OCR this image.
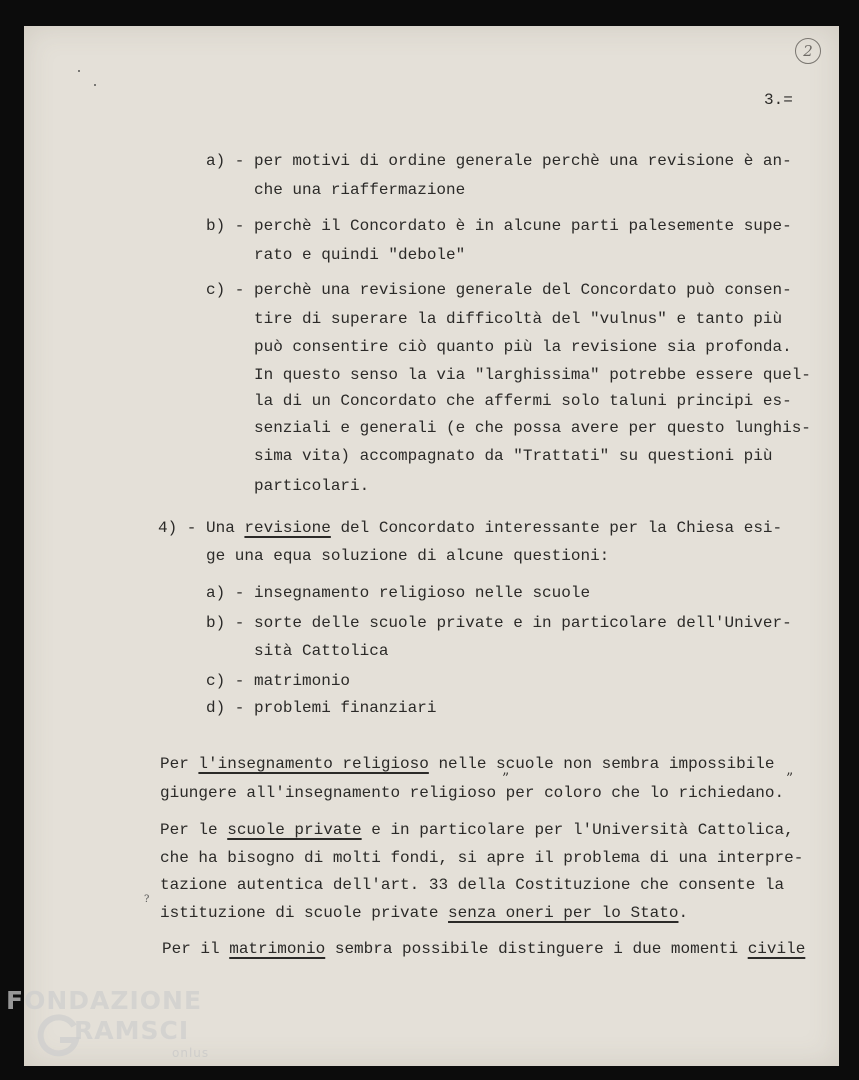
2
3.=
a) - per motivi di ordine generale perchè una revisione è an-
che una riaffermazione
b) - perchè il Concordato è in alcune parti palesemente supe-
rato e quindi "debole"
c) - perchè una revisione generale del Concordato può consen-
tire di superare la difficoltà del "vulnus" e tanto più
può consentire ciò quanto più la revisione sia profonda.
In questo senso la via "larghissima" potrebbe essere quel-
la di un Concordato che affermi solo taluni principi es-
senziali e generali (e che possa avere per questo lunghis-
sima vita) accompagnato da "Trattati" su questioni più
particolari.
4) - Una revisione del Concordato interessante per la Chiesa esi-
ge una equa soluzione di alcune questioni:
a) - insegnamento religioso nelle scuole
b) - sorte delle scuole private e in particolare dell'Univer-
sità Cattolica
c) - matrimonio
d) - problemi finanziari
Per l'insegnamento religioso nelle scuole non sembra impossibile
giungere all'insegnamento religioso per coloro che lo richiedano.
”	”
Per le scuole private e in particolare per l'Università Cattolica,
che ha bisogno di molti fondi, si apre il problema di una interpre-
tazione autentica dell'art. 33 della Costituzione che consente la
istituzione di scuole private senza oneri per lo Stato.
?
Per il matrimonio sembra possibile distinguere i due momenti civile
FONDAZIONE
RAMSCI
onlus
